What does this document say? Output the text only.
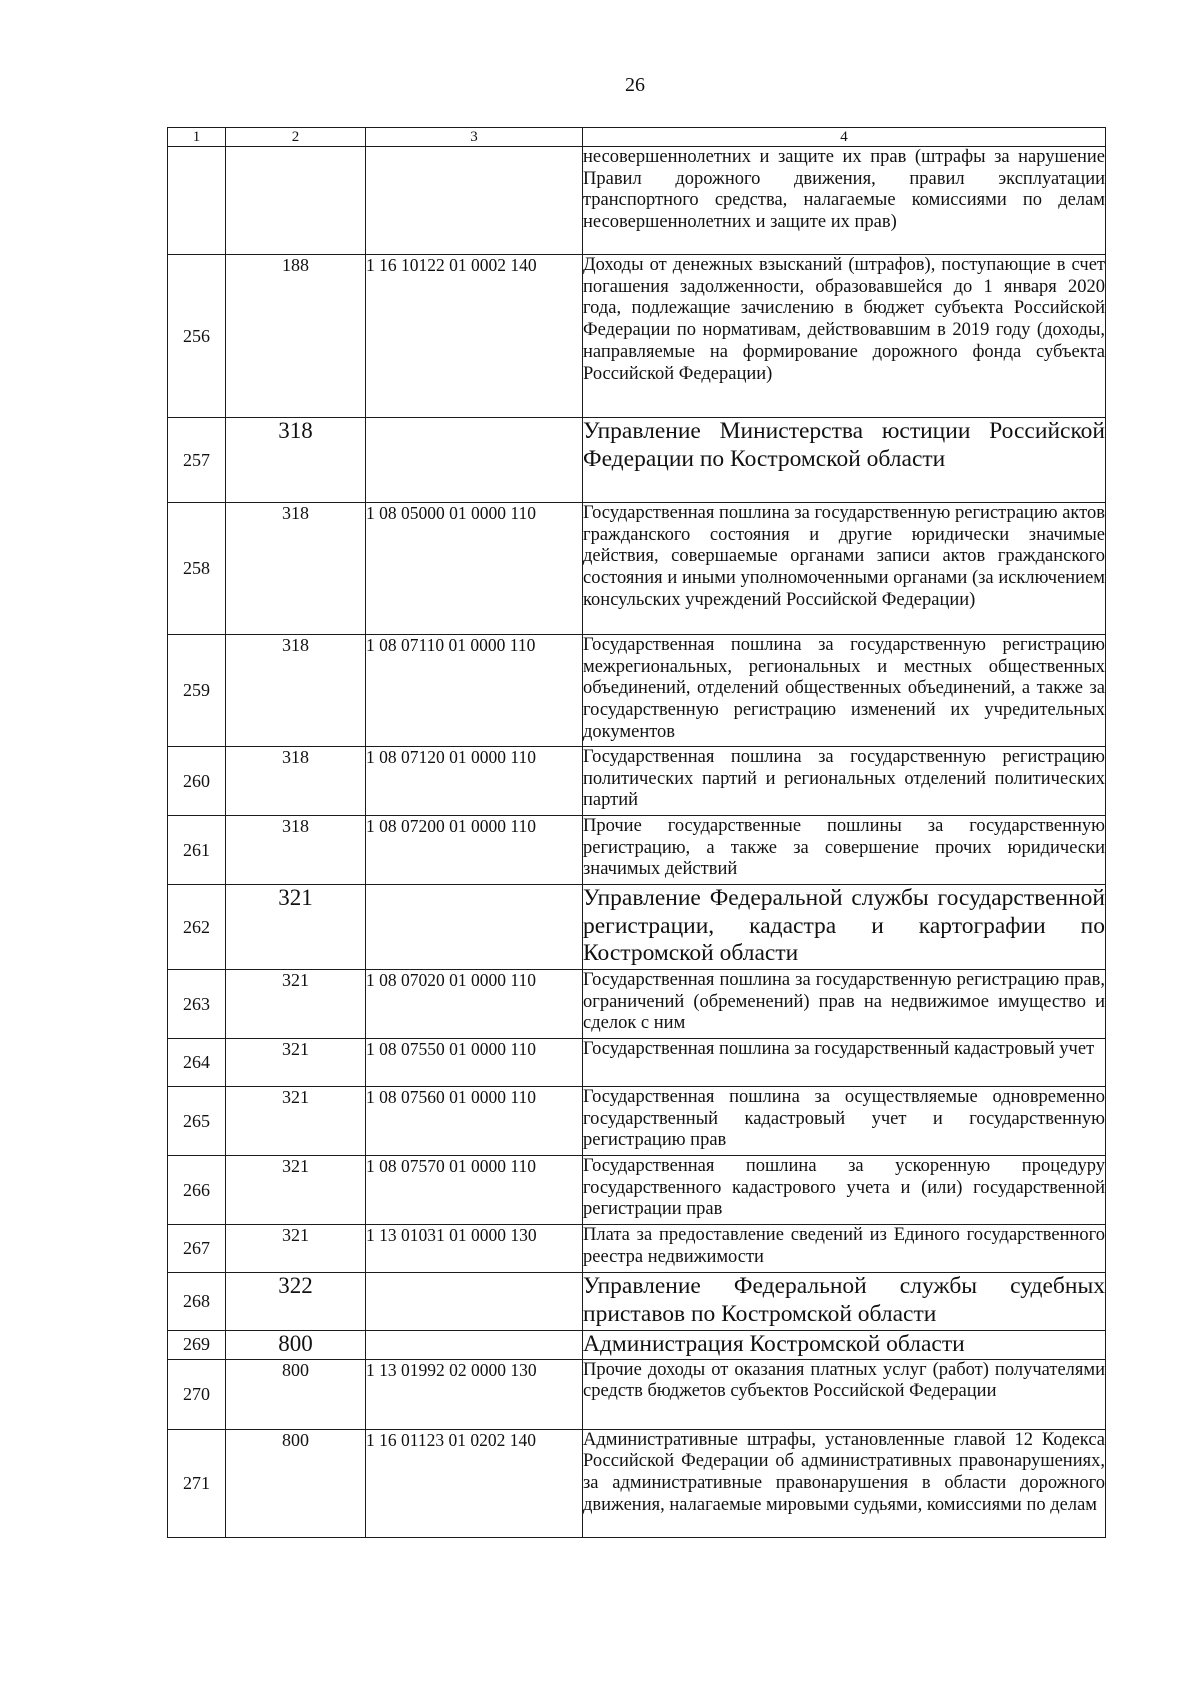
26
1	2	3	4
			несовершеннолетних и защите их прав (штрафы за нарушение Правил дорожного движения, правил эксплуатации транспортного средства, налагаемые комиссиями по делам несовершеннолетних и защите их прав)
256	188	1 16 10122 01 0002 140	Доходы от денежных взысканий (штрафов), поступающие в счет погашения задолженности, образовавшейся до 1 января 2020 года, подлежащие зачислению в бюджет субъекта Российской Федерации по нормативам, действовавшим в 2019 году (доходы, направляемые на формирование дорожного фонда субъекта Российской Федерации)
257	318		Управление Министерства юстиции Российской Федерации по Костромской области
258	318	1 08 05000 01 0000 110	Государственная пошлина за государственную регистрацию актов гражданского состояния и другие юридически значимые действия, совершаемые органами записи актов гражданского состояния и иными уполномоченными органами (за исключением консульских учреждений Российской Федерации)
259	318	1 08 07110 01 0000 110	Государственная пошлина за государственную регистрацию межрегиональных, региональных и местных общественных объединений, отделений общественных объединений, а также за государственную регистрацию изменений их учредительных документов
260	318	1 08 07120 01 0000 110	Государственная пошлина за государственную регистрацию политических партий и региональных отделений политических партий
261	318	1 08 07200 01 0000 110	Прочие государственные пошлины за государственную регистрацию, а также за совершение прочих юридически значимых действий
262	321		Управление Федеральной службы государственной регистрации, кадастра и картографии по Костромской области
263	321	1 08 07020 01 0000 110	Государственная пошлина за государственную регистрацию прав, ограничений (обременений) прав на недвижимое имущество и сделок с ним
264	321	1 08 07550 01 0000 110	Государственная пошлина за государственный кадастровый учет
265	321	1 08 07560 01 0000 110	Государственная пошлина за осуществляемые одновременно государственный кадастровый учет и государственную регистрацию прав
266	321	1 08 07570 01 0000 110	Государственная пошлина за ускоренную процедуру государственного кадастрового учета и (или) государственной регистрации прав
267	321	1 13 01031 01 0000 130	Плата за предоставление сведений из Единого государственного реестра недвижимости
268	322		Управление Федеральной службы судебных приставов по Костромской области
269	800		Администрация Костромской области
270	800	1 13 01992 02 0000 130	Прочие доходы от оказания платных услуг (работ) получателями средств бюджетов субъектов Российской Федерации
271	800	1 16 01123 01 0202 140	Административные штрафы, установленные главой 12 Кодекса Российской Федерации об административных правонарушениях, за административные правонарушения в области дорожного движения, налагаемые мировыми судьями, комиссиями по делам
